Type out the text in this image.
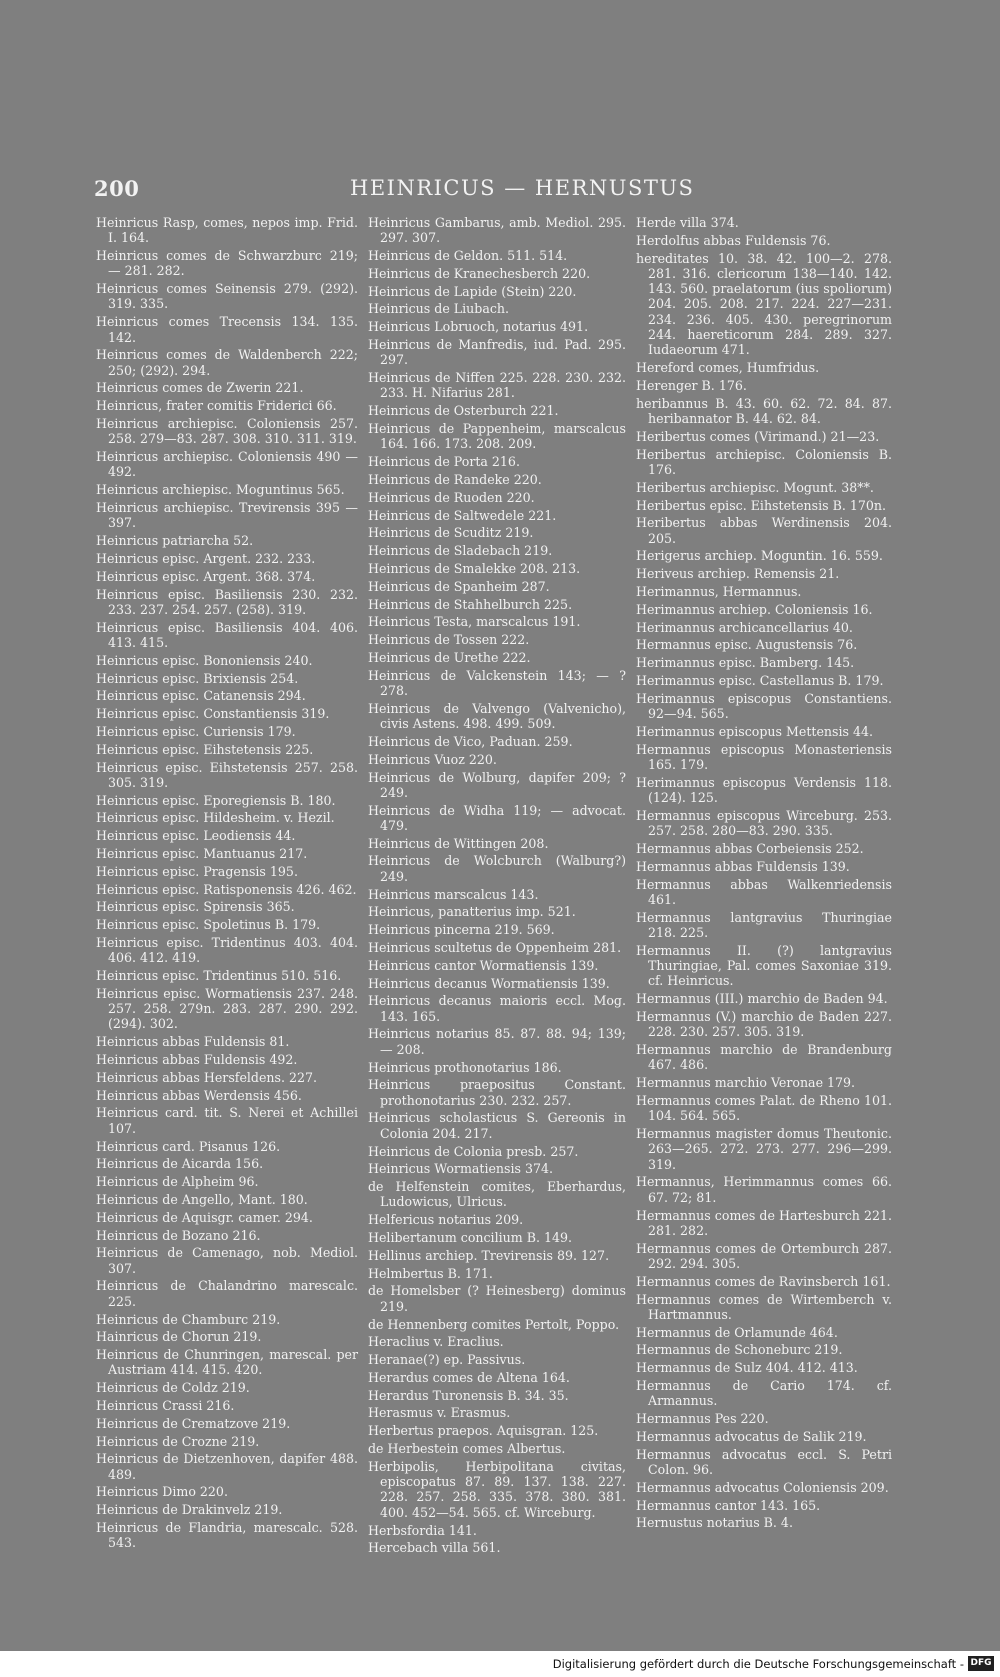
200	HEINRICUS — HERNUSTUS
Heinricus Rasp, comes, nepos imp. Frid. I. 164.
Heinricus comes de Schwarzburc 219; — 281. 282.
Heinricus comes Seinensis 279. (292). 319. 335.
Heinricus comes Trecensis 134. 135. 142.
Heinricus comes de Waldenberch 222; 250; (292). 294.
Heinricus comes de Zwerin 221.
Heinricus, frater comitis Friderici 66.
Heinricus archiepisc. Coloniensis 257. 258. 279—83. 287. 308. 310. 311. 319.
Heinricus archiepisc. Coloniensis 490 —492.
Heinricus archiepisc. Moguntinus 565.
Heinricus archiepisc. Trevirensis 395 —397.
Heinricus patriarcha 52.
Heinricus episc. Argent. 232. 233.
Heinricus episc. Argent. 368. 374.
Heinricus episc. Basiliensis 230. 232. 233. 237. 254. 257. (258). 319.
Heinricus episc. Basiliensis 404. 406. 413. 415.
Heinricus episc. Bononiensis 240.
Heinricus episc. Brixiensis 254.
Heinricus episc. Catanensis 294.
Heinricus episc. Constantiensis 319.
Heinricus episc. Curiensis 179.
Heinricus episc. Eihstetensis 225.
Heinricus episc. Eihstetensis 257. 258. 305. 319.
Heinricus episc. Eporegiensis B. 180.
Heinricus episc. Hildesheim. v. Hezil.
Heinricus episc. Leodiensis 44.
Heinricus episc. Mantuanus 217.
Heinricus episc. Pragensis 195.
Heinricus episc. Ratisponensis 426. 462.
Heinricus episc. Spirensis 365.
Heinricus episc. Spoletinus B. 179.
Heinricus episc. Tridentinus 403. 404. 406. 412. 419.
Heinricus episc. Tridentinus 510. 516.
Heinricus episc. Wormatiensis 237. 248. 257. 258. 279n. 283. 287. 290. 292. (294). 302.
Heinricus abbas Fuldensis 81.
Heinricus abbas Fuldensis 492.
Heinricus abbas Hersfeldens. 227.
Heinricus abbas Werdensis 456.
Heinricus card. tit. S. Nerei et Achillei 107.
Heinricus card. Pisanus 126.
Heinricus de Aicarda 156.
Heinricus de Alpheim 96.
Heinricus de Angello, Mant. 180.
Heinricus de Aquisgr. camer. 294.
Heinricus de Bozano 216.
Heinricus de Camenago, nob. Mediol. 307.
Heinricus de Chalandrino marescalc. 225.
Heinricus de Chamburc 219.
Hainricus de Chorun 219.
Heinricus de Chunringen, marescal. per Austriam 414. 415. 420.
Heinricus de Coldz 219.
Heinricus Crassi 216.
Heinricus de Crematzove 219.
Heinricus de Crozne 219.
Heinricus de Dietzenhoven, dapifer 488. 489.
Heinricus Dimo 220.
Heinricus de Drakinvelz 219.
Heinricus de Flandria, marescalc. 528. 543.
Heinricus Gambarus, amb. Mediol. 295. 297. 307.
Heinricus de Geldon. 511. 514.
Heinricus de Kranechesberch 220.
Heinricus de Lapide (Stein) 220.
Heinricus de Liubach.
Heinricus Lobruoch, notarius 491.
Heinricus de Manfredis, iud. Pad. 295. 297.
Heinricus de Niffen 225. 228. 230. 232. 233. H. Nifarius 281.
Heinricus de Osterburch 221.
Heinricus de Pappenheim, marscalcus 164. 166. 173. 208. 209.
Heinricus de Porta 216.
Heinricus de Randeke 220.
Heinricus de Ruoden 220.
Heinricus de Saltwedele 221.
Heinricus de Scuditz 219.
Heinricus de Sladebach 219.
Heinricus de Smalekke 208. 213.
Heinricus de Spanheim 287.
Heinricus de Stahhelburch 225.
Heinricus Testa, marscalcus 191.
Heinricus de Tossen 222.
Heinricus de Urethe 222.
Heinricus de Valckenstein 143; — ? 278.
Heinricus de Valvengo (Valvenicho), civis Astens. 498. 499. 509.
Heinricus de Vico, Paduan. 259.
Heinricus Vuoz 220.
Heinricus de Wolburg, dapifer 209; ? 249.
Heinricus de Widha 119; — advocat. 479.
Heinricus de Wittingen 208.
Heinricus de Wolcburch (Walburg?) 249.
Heinricus marscalcus 143.
Heinricus, panatterius imp. 521.
Heinricus pincerna 219. 569.
Heinricus scultetus de Oppenheim 281.
Heinricus cantor Wormatiensis 139.
Heinricus decanus Wormatiensis 139.
Heinricus decanus maioris eccl. Mog. 143. 165.
Heinricus notarius 85. 87. 88. 94; 139; — 208.
Heinricus prothonotarius 186.
Heinricus praepositus Constant. prothonotarius 230. 232. 257.
Heinricus scholasticus S. Gereonis in Colonia 204. 217.
Heinricus de Colonia presb. 257.
Heinricus Wormatiensis 374.
de Helfenstein comites, Eberhardus, Ludowicus, Ulricus.
Helfericus notarius 209.
Helibertanum concilium B. 149.
Hellinus archiep. Trevirensis 89. 127.
Helmbertus B. 171.
de Homelsber (? Heinesberg) dominus 219.
de Hennenberg comites Pertolt, Poppo.
Heraclius v. Eraclius.
Heranae(?) ep. Passivus.
Herardus comes de Altena 164.
Herardus Turonensis B. 34. 35.
Herasmus v. Erasmus.
Herbertus praepos. Aquisgran. 125.
de Herbestein comes Albertus.
Herbipolis, Herbipolitana civitas, episcopatus 87. 89. 137. 138. 227. 228. 257. 258. 335. 378. 380. 381. 400. 452—54. 565. cf. Wirceburg.
Herbsfordia 141.
Hercebach villa 561.
Herde villa 374.
Herdolfus abbas Fuldensis 76.
hereditates 10. 38. 42. 100—2. 278. 281. 316. clericorum 138—140. 142. 143. 560. praelatorum (ius spoliorum) 204. 205. 208. 217. 224. 227—231. 234. 236. 405. 430. peregrinorum 244. haereticorum 284. 289. 327. Iudaeorum 471.
Hereford comes, Humfridus.
Herenger B. 176.
heribannus B. 43. 60. 62. 72. 84. 87. heribannator B. 44. 62. 84.
Heribertus comes (Virimand.) 21—23.
Heribertus archiepisc. Coloniensis B. 176.
Heribertus archiepisc. Mogunt. 38**.
Heribertus episc. Eihstetensis B. 170n.
Heribertus abbas Werdinensis 204. 205.
Herigerus archiep. Moguntin. 16. 559.
Heriveus archiep. Remensis 21.
Herimannus, Hermannus.
Herimannus archiep. Coloniensis 16.
Herimannus archicancellarius 40.
Hermannus episc. Augustensis 76.
Herimannus episc. Bamberg. 145.
Herimannus episc. Castellanus B. 179.
Herimannus episcopus Constantiens. 92—94. 565.
Herimannus episcopus Mettensis 44.
Hermannus episcopus Monasteriensis 165. 179.
Herimannus episcopus Verdensis 118. (124). 125.
Hermannus episcopus Wirceburg. 253. 257. 258. 280—83. 290. 335.
Hermannus abbas Corbeiensis 252.
Hermannus abbas Fuldensis 139.
Hermannus abbas Walkenriedensis 461.
Hermannus lantgravius Thuringiae 218. 225.
Hermannus II. (?) lantgravius Thuringiae, Pal. comes Saxoniae 319. cf. Heinricus.
Hermannus (III.) marchio de Baden 94.
Hermannus (V.) marchio de Baden 227. 228. 230. 257. 305. 319.
Hermannus marchio de Brandenburg 467. 486.
Hermannus marchio Veronae 179.
Hermannus comes Palat. de Rheno 101. 104. 564. 565.
Hermannus magister domus Theutonic. 263—265. 272. 273. 277. 296—299. 319.
Hermannus, Herimmannus comes 66. 67. 72; 81.
Hermannus comes de Hartesburch 221. 281. 282.
Hermannus comes de Ortemburch 287. 292. 294. 305.
Hermannus comes de Ravinsberch 161.
Hermannus comes de Wirtemberch v. Hartmannus.
Hermannus de Orlamunde 464.
Hermannus de Schoneburc 219.
Hermannus de Sulz 404. 412. 413.
Hermannus de Cario 174. cf. Armannus.
Hermannus Pes 220.
Hermannus advocatus de Salik 219.
Hermannus advocatus eccl. S. Petri Colon. 96.
Hermannus advocatus Coloniensis 209.
Hermannus cantor 143. 165.
Hernustus notarius B. 4.
Digitalisierung gefördert durch die Deutsche Forschungsgemeinschaft - DFG
